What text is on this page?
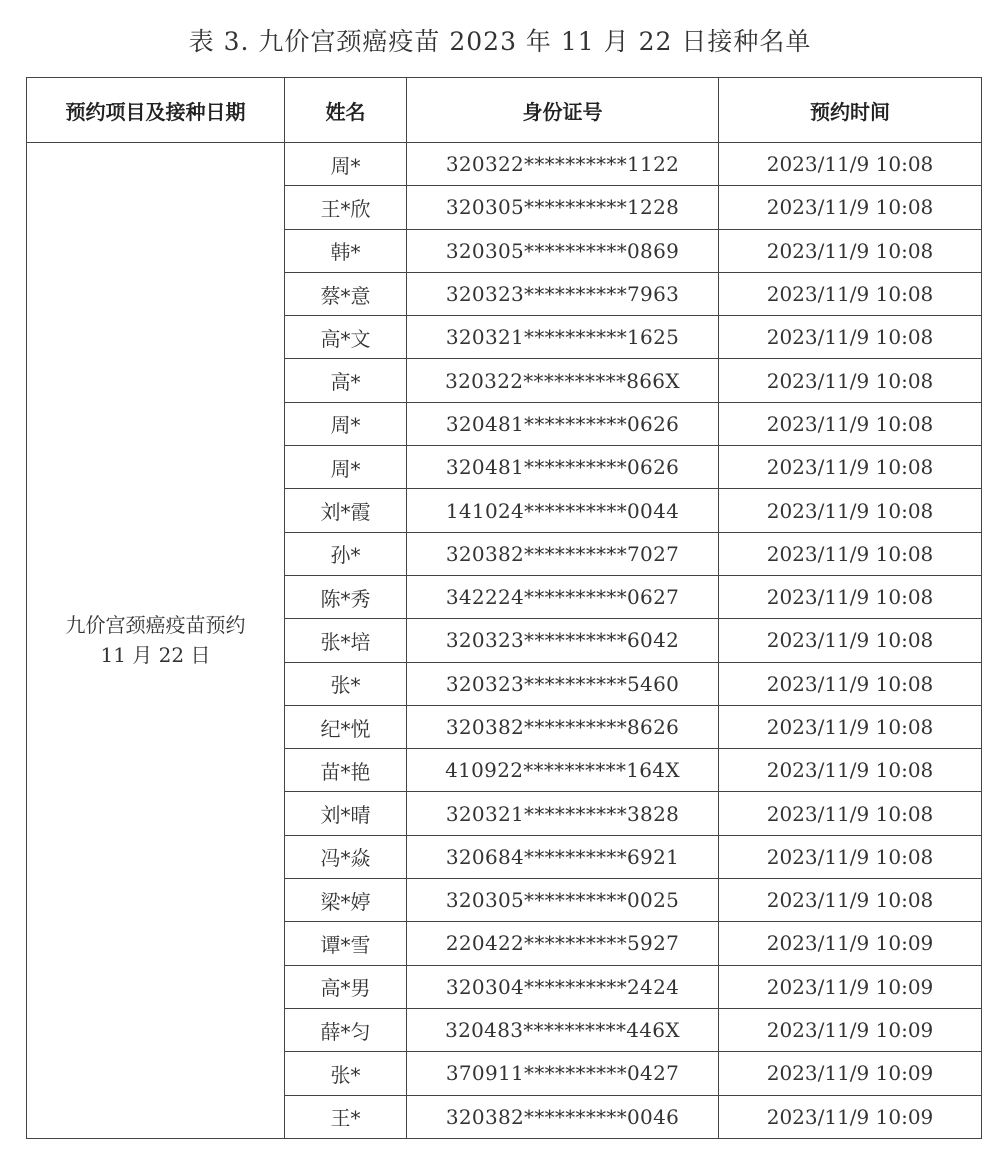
表 3. 九价宫颈癌疫苗 2023 年 11 月 22 日接种名单
预约项目及接种日期	姓名	身份证号	预约时间

九价宫颈癌疫苗预约
11 月 22 日	周*	320322**********1122	2023/11/9 10:08
	王*欣	320305**********1228	2023/11/9 10:08
	韩*	320305**********0869	2023/11/9 10:08
	蔡*意	320323**********7963	2023/11/9 10:08
	高*文	320321**********1625	2023/11/9 10:08
	高*	320322**********866X	2023/11/9 10:08
	周*	320481**********0626	2023/11/9 10:08
	周*	320481**********0626	2023/11/9 10:08
	刘*霞	141024**********0044	2023/11/9 10:08
	孙*	320382**********7027	2023/11/9 10:08
	陈*秀	342224**********0627	2023/11/9 10:08
	张*培	320323**********6042	2023/11/9 10:08
	张*	320323**********5460	2023/11/9 10:08
	纪*悦	320382**********8626	2023/11/9 10:08
	苗*艳	410922**********164X	2023/11/9 10:08
	刘*晴	320321**********3828	2023/11/9 10:08
	冯*焱	320684**********6921	2023/11/9 10:08
	梁*婷	320305**********0025	2023/11/9 10:08
	谭*雪	220422**********5927	2023/11/9 10:09
	高*男	320304**********2424	2023/11/9 10:09
	薛*匀	320483**********446X	2023/11/9 10:09
	张*	370911**********0427	2023/11/9 10:09
	王*	320382**********0046	2023/11/9 10:09
